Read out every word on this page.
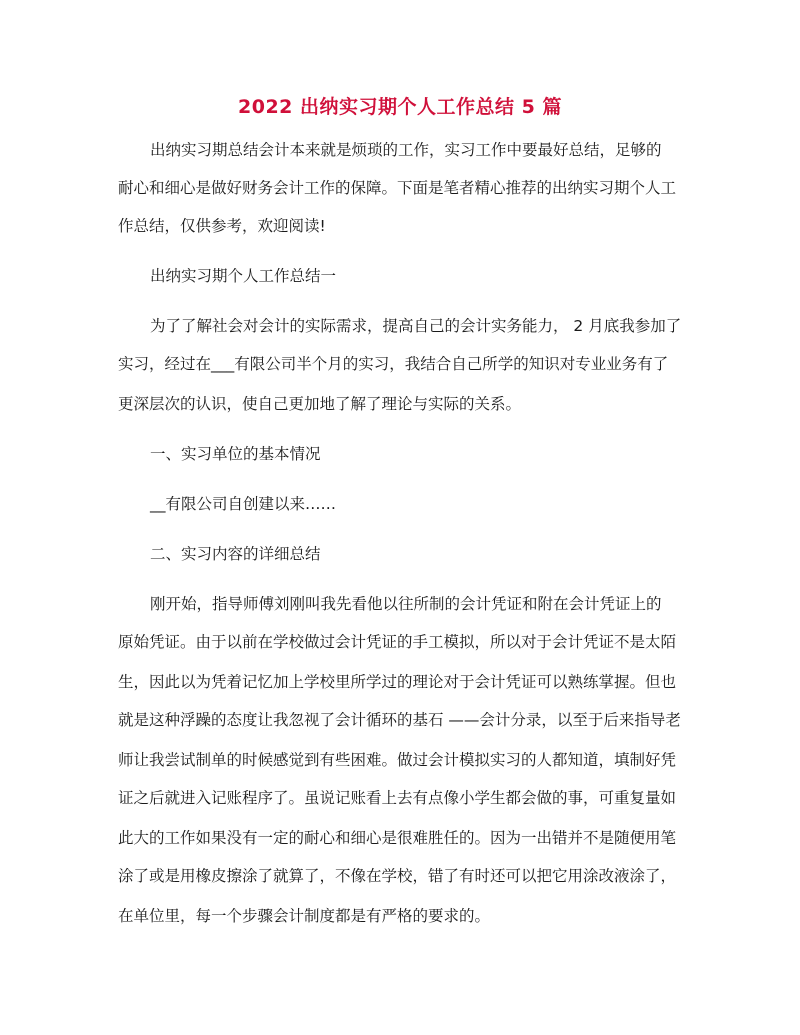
2022 出纳实习期个人工作总结 5 篇
出纳实习期总结会计本来就是烦琐的工作，实习工作中要最好总结，足够的
耐心和细心是做好财务会计工作的保障。下面是笔者精心推荐的出纳实习期个人工
作总结，仅供参考，欢迎阅读!
出纳实习期个人工作总结一
为了了解社会对会计的实际需求，提高自己的会计实务能力， 2 月底我参加了
实习，经过在___有限公司半个月的实习，我结合自己所学的知识对专业业务有了
更深层次的认识，使自己更加地了解了理论与实际的关系。
一、实习单位的基本情况
__有限公司自创建以来……
二、实习内容的详细总结
刚开始，指导师傅刘刚叫我先看他以往所制的会计凭证和附在会计凭证上的
原始凭证。由于以前在学校做过会计凭证的手工模拟，所以对于会计凭证不是太陌
生，因此以为凭着记忆加上学校里所学过的理论对于会计凭证可以熟练掌握。但也
就是这种浮躁的态度让我忽视了会计循环的基石 ——会计分录，以至于后来指导老
师让我尝试制单的时候感觉到有些困难。做过会计模拟实习的人都知道，填制好凭
证之后就进入记账程序了。虽说记账看上去有点像小学生都会做的事，可重复量如
此大的工作如果没有一定的耐心和细心是很难胜任的。因为一出错并不是随便用笔
涂了或是用橡皮擦涂了就算了，不像在学校，错了有时还可以把它用涂改液涂了，
在单位里，每一个步骤会计制度都是有严格的要求的。
